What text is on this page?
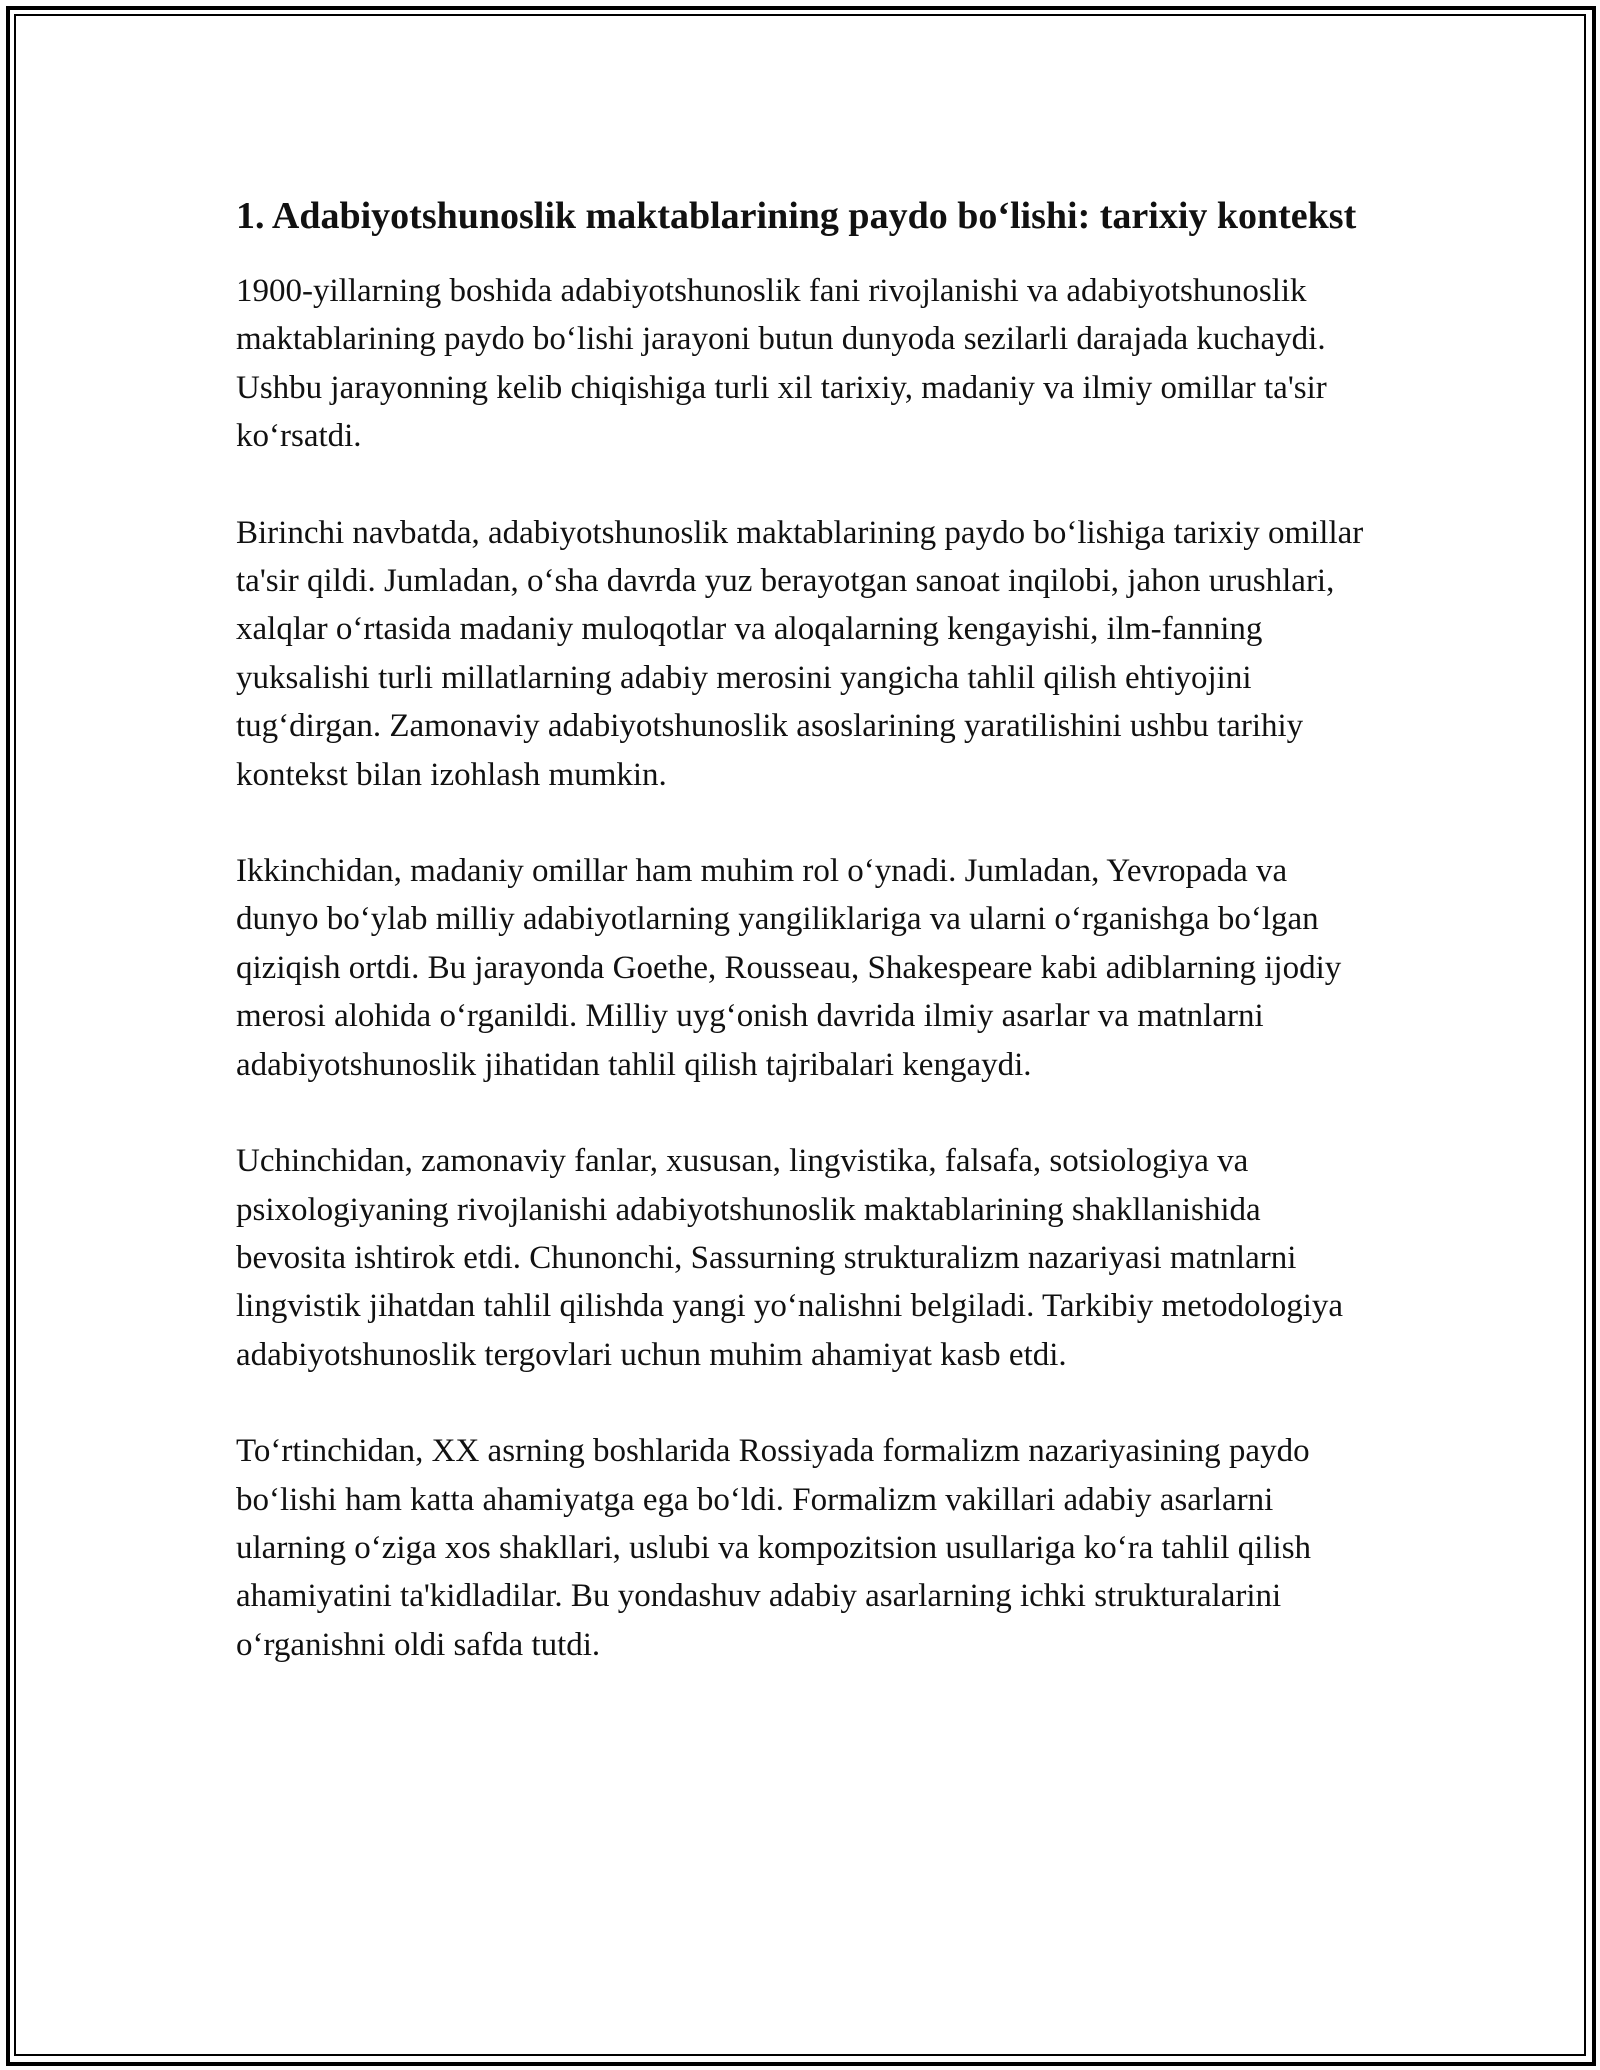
1. Adabiyotshunoslik maktablarining paydo bo‘lishi: tarixiy kontekst

1900-yillarning boshida adabiyotshunoslik fani rivojlanishi va adabiyotshunoslik maktablarining paydo bo‘lishi jarayoni butun dunyoda sezilarli darajada kuchaydi. Ushbu jarayonning kelib chiqishiga turli xil tarixiy, madaniy va ilmiy omillar ta'sir ko‘rsatdi.

Birinchi navbatda, adabiyotshunoslik maktablarining paydo bo‘lishiga tarixiy omillar ta'sir qildi. Jumladan, o‘sha davrda yuz berayotgan sanoat inqilobi, jahon urushlari, xalqlar o‘rtasida madaniy muloqotlar va aloqalarning kengayishi, ilm-fanning yuksalishi turli millatlarning adabiy merosini yangicha tahlil qilish ehtiyojini tug‘dirgan. Zamonaviy adabiyotshunoslik asoslarining yaratilishini ushbu tarihiy kontekst bilan izohlash mumkin.

Ikkinchidan, madaniy omillar ham muhim rol o‘ynadi. Jumladan, Yevropada va dunyo bo‘ylab milliy adabiyotlarning yangiliklariga va ularni o‘rganishga bo‘lgan qiziqish ortdi. Bu jarayonda Goethe, Rousseau, Shakespeare kabi adiblarning ijodiy merosi alohida o‘rganildi. Milliy uyg‘onish davrida ilmiy asarlar va matnlarni adabiyotshunoslik jihatidan tahlil qilish tajribalari kengaydi.

Uchinchidan, zamonaviy fanlar, xususan, lingvistika, falsafa, sotsiologiya va psixologiyaning rivojlanishi adabiyotshunoslik maktablarining shakllanishida bevosita ishtirok etdi. Chunonchi, Sassurning strukturalizm nazariyasi matnlarni lingvistik jihatdan tahlil qilishda yangi yo‘nalishni belgiladi. Tarkibiy metodologiya adabiyotshunoslik tergovlari uchun muhim ahamiyat kasb etdi.

To‘rtinchidan, XX asrning boshlarida Rossiyada formalizm nazariyasining paydo bo‘lishi ham katta ahamiyatga ega bo‘ldi. Formalizm vakillari adabiy asarlarni ularning o‘ziga xos shakllari, uslubi va kompozitsion usullariga ko‘ra tahlil qilish ahamiyatini ta'kidladilar. Bu yondashuv adabiy asarlarning ichki strukturalarini o‘rganishni oldi safda tutdi.
